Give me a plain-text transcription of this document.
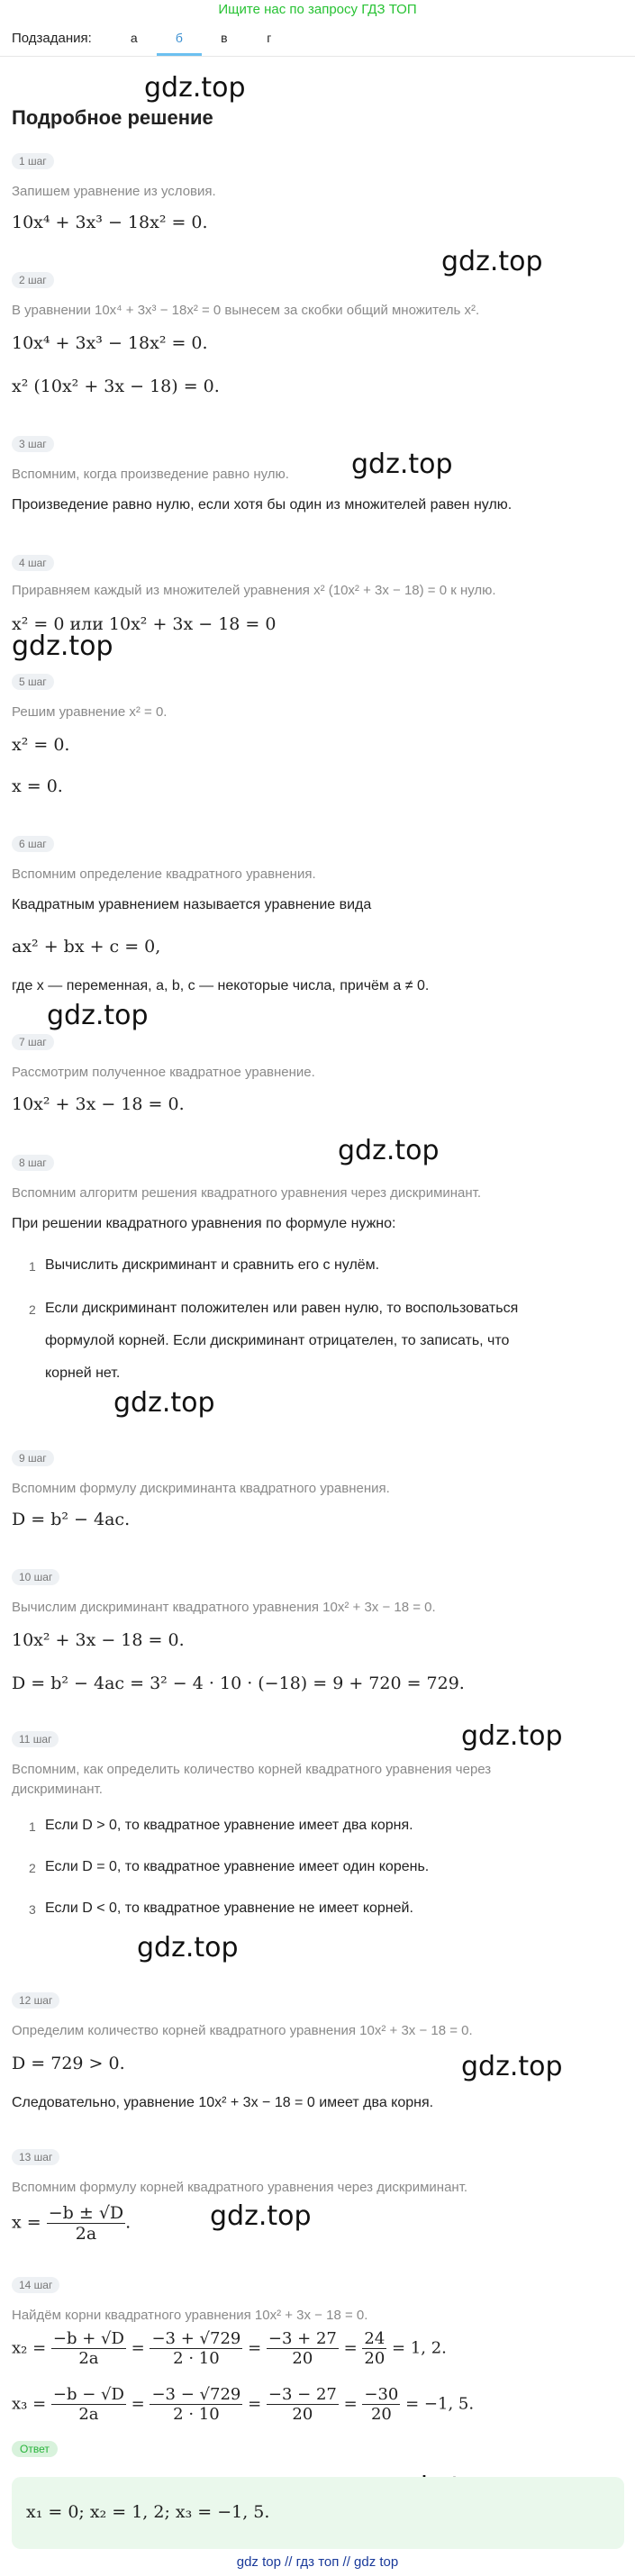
Ищите нас по запросу ГДЗ ТОП
Подзадания:	а	б	в	г
gdz.top
gdz.top
gdz.top
gdz.top
gdz.top
gdz.top
gdz.top
gdz.top
gdz.top
gdz.top
gdz.top
Подробное решение
1 шаг
Запишем уравнение из условия.
10x⁴ + 3x³ − 18x² = 0.
2 шаг
В уравнении 10x⁴ + 3x³ − 18x² = 0 вынесем за скобки общий множитель x².
10x⁴ + 3x³ − 18x² = 0.
x² (10x² + 3x − 18) = 0.
3 шаг
Вспомним, когда произведение равно нулю.
Произведение равно нулю, если хотя бы один из множителей равен нулю.
4 шаг
Приравняем каждый из множителей уравнения x² (10x² + 3x − 18) = 0 к нулю.
x² = 0 или 10x² + 3x − 18 = 0
5 шаг
Решим уравнение x² = 0.
x² = 0.
x = 0.
6 шаг
Вспомним определение квадратного уравнения.
Квадратным уравнением называется уравнение вида
ax² + bx + c = 0,
где x — переменная, a, b, c — некоторые числа, причём a ≠ 0.
7 шаг
Рассмотрим полученное квадратное уравнение.
10x² + 3x − 18 = 0.
8 шаг
Вспомним алгоритм решения квадратного уравнения через дискриминант.
При решении квадратного уравнения по формуле нужно:
1 Вычислить дискриминант и сравнить его с нулём.
2 Если дискриминант положителен или равен нулю, то воспользоваться
формулой корней. Если дискриминант отрицателен, то записать, что
корней нет.
9 шаг
Вспомним формулу дискриминанта квадратного уравнения.
D = b² − 4ac.
10 шаг
Вычислим дискриминант квадратного уравнения 10x² + 3x − 18 = 0.
10x² + 3x − 18 = 0.
D = b² − 4ac = 3² − 4 · 10 · (−18) = 9 + 720 = 729.
11 шаг
Вспомним, как определить количество корней квадратного уравнения через
дискриминант.
1 Если D > 0, то квадратное уравнение имеет два корня.
2 Если D = 0, то квадратное уравнение имеет один корень.
3 Если D < 0, то квадратное уравнение не имеет корней.
12 шаг
Определим количество корней квадратного уравнения 10x² + 3x − 18 = 0.
D = 729 > 0.
Следовательно, уравнение 10x² + 3x − 18 = 0 имеет два корня.
13 шаг
Вспомним формулу корней квадратного уравнения через дискриминант.
$x = \frac{-b \pm √D}{2a}$ .
14 шаг
Найдём корни квадратного уравнения 10x² + 3x − 18 = 0.
$x_2 = \frac{-b + √D}{2a} = \frac{-3 + √729}{2 \cdot 10} = \frac{-3 + 27}{20} = \frac{24}{20} = 1$, 2.
$x_3 = \frac{-b - √D}{2a} = \frac{-3 - √729}{2 \cdot 10} = \frac{-3 - 27}{20} = \frac{-30}{20} = -1$, 5.
Ответ
x₁ = 0; x₂ = 1, 2; x₃ = −1, 5.
gdz top // гдз топ // gdz top
